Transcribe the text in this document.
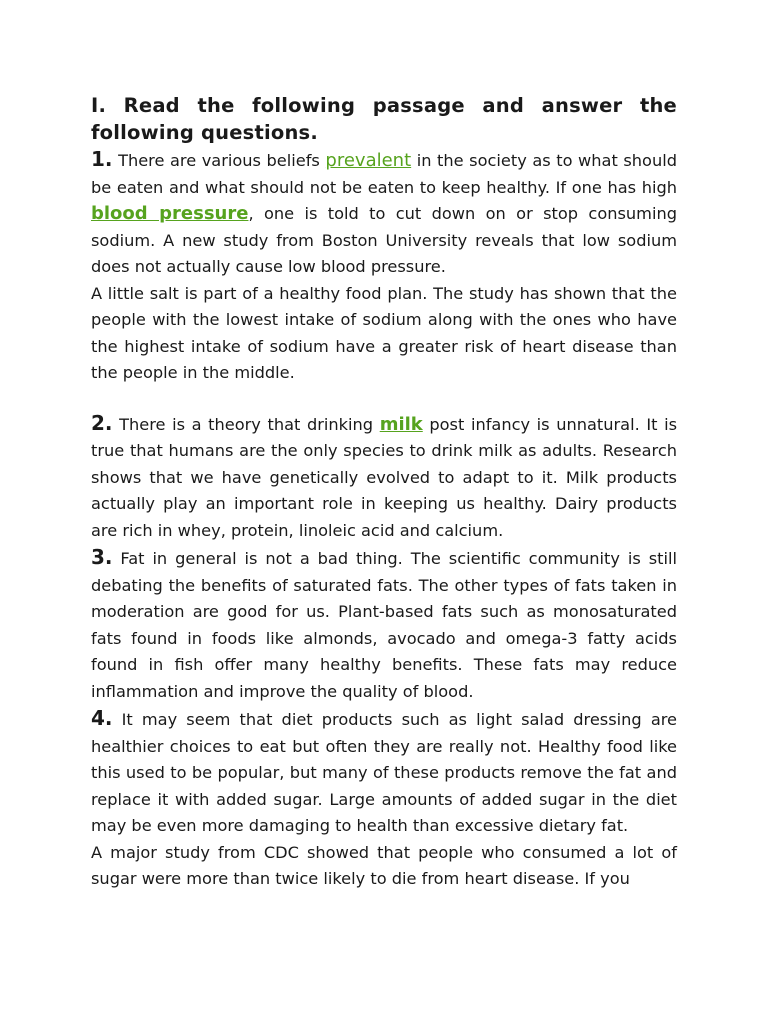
I. Read the following passage and answer the following questions.

1. There are various beliefs prevalent in the society as to what should be eaten and what should not be eaten to keep healthy. If one has high blood pressure, one is told to cut down on or stop consuming sodium. A new study from Boston University reveals that low sodium does not actually cause low blood pressure.

A little salt is part of a healthy food plan. The study has shown that the people with the lowest intake of sodium along with the ones who have the highest intake of sodium have a greater risk of heart disease than the people in the middle.

2. There is a theory that drinking milk post infancy is unnatural. It is true that humans are the only species to drink milk as adults. Research shows that we have genetically evolved to adapt to it. Milk products actually play an important role in keeping us healthy. Dairy products are rich in whey, protein, linoleic acid and calcium.

3. Fat in general is not a bad thing. The scientific community is still debating the benefits of saturated fats. The other types of fats taken in moderation are good for us. Plant-based fats such as monosaturated fats found in foods like almonds, avocado and omega-3 fatty acids found in fish offer many healthy benefits. These fats may reduce inflammation and improve the quality of blood.

4. It may seem that diet products such as light salad dressing are healthier choices to eat but often they are really not. Healthy food like this used to be popular, but many of these products remove the fat and replace it with added sugar. Large amounts of added sugar in the diet may be even more damaging to health than excessive dietary fat.

A major study from CDC showed that people who consumed a lot of sugar were more than twice likely to die from heart disease. If you
